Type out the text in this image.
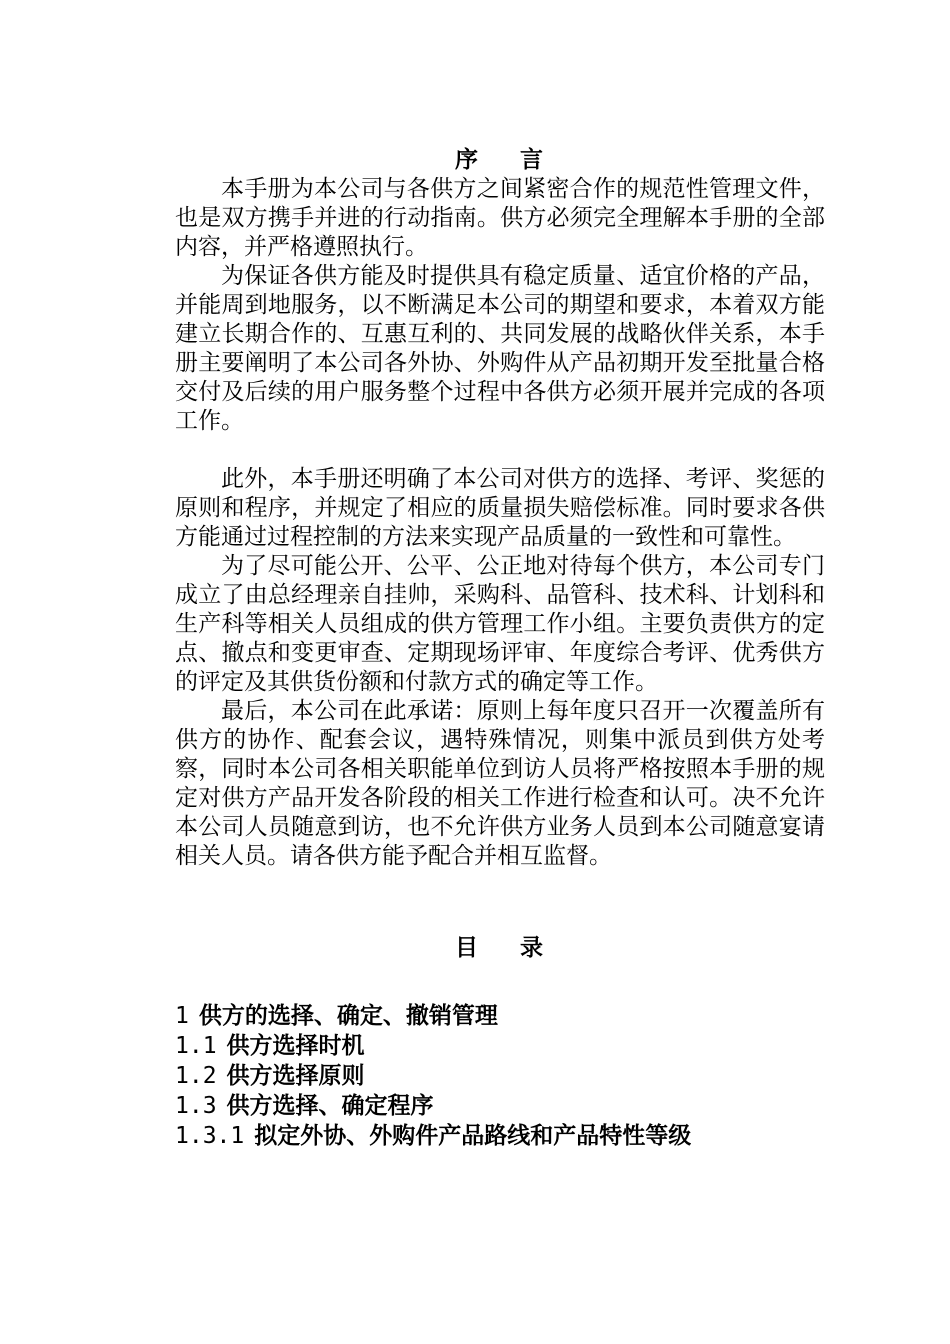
序 言

本手册为本公司与各供方之间紧密合作的规范性管理文件，也是双方携手并进的行动指南。供方必须完全理解本手册的全部内容，并严格遵照执行。

为保证各供方能及时提供具有稳定质量、适宜价格的产品，并能周到地服务，以不断满足本公司的期望和要求，本着双方能建立长期合作的、互惠互利的、共同发展的战略伙伴关系，本手册主要阐明了本公司各外协、外购件从产品初期开发至批量合格交付及后续的用户服务整个过程中各供方必须开展并完成的各项工作。

此外，本手册还明确了本公司对供方的选择、考评、奖惩的原则和程序，并规定了相应的质量损失赔偿标准。同时要求各供方能通过过程控制的方法来实现产品质量的一致性和可靠性。

为了尽可能公开、公平、公正地对待每个供方，本公司专门成立了由总经理亲自挂帅，采购科、品管科、技术科、计划科和生产科等相关人员组成的供方管理工作小组。主要负责供方的定点、撤点和变更审查、定期现场评审、年度综合考评、优秀供方的评定及其供货份额和付款方式的确定等工作。

最后，本公司在此承诺：原则上每年度只召开一次覆盖所有供方的协作、配套会议，遇特殊情况，则集中派员到供方处考察，同时本公司各相关职能单位到访人员将严格按照本手册的规定对供方产品开发各阶段的相关工作进行检查和认可。决不允许本公司人员随意到访，也不允许供方业务人员到本公司随意宴请相关人员。请各供方能予配合并相互监督。

目 录
1 供方的选择、确定、撤销管理
1.1 供方选择时机
1.2 供方选择原则
1.3 供方选择、确定程序
1.3.1 拟定外协、外购件产品路线和产品特性等级
